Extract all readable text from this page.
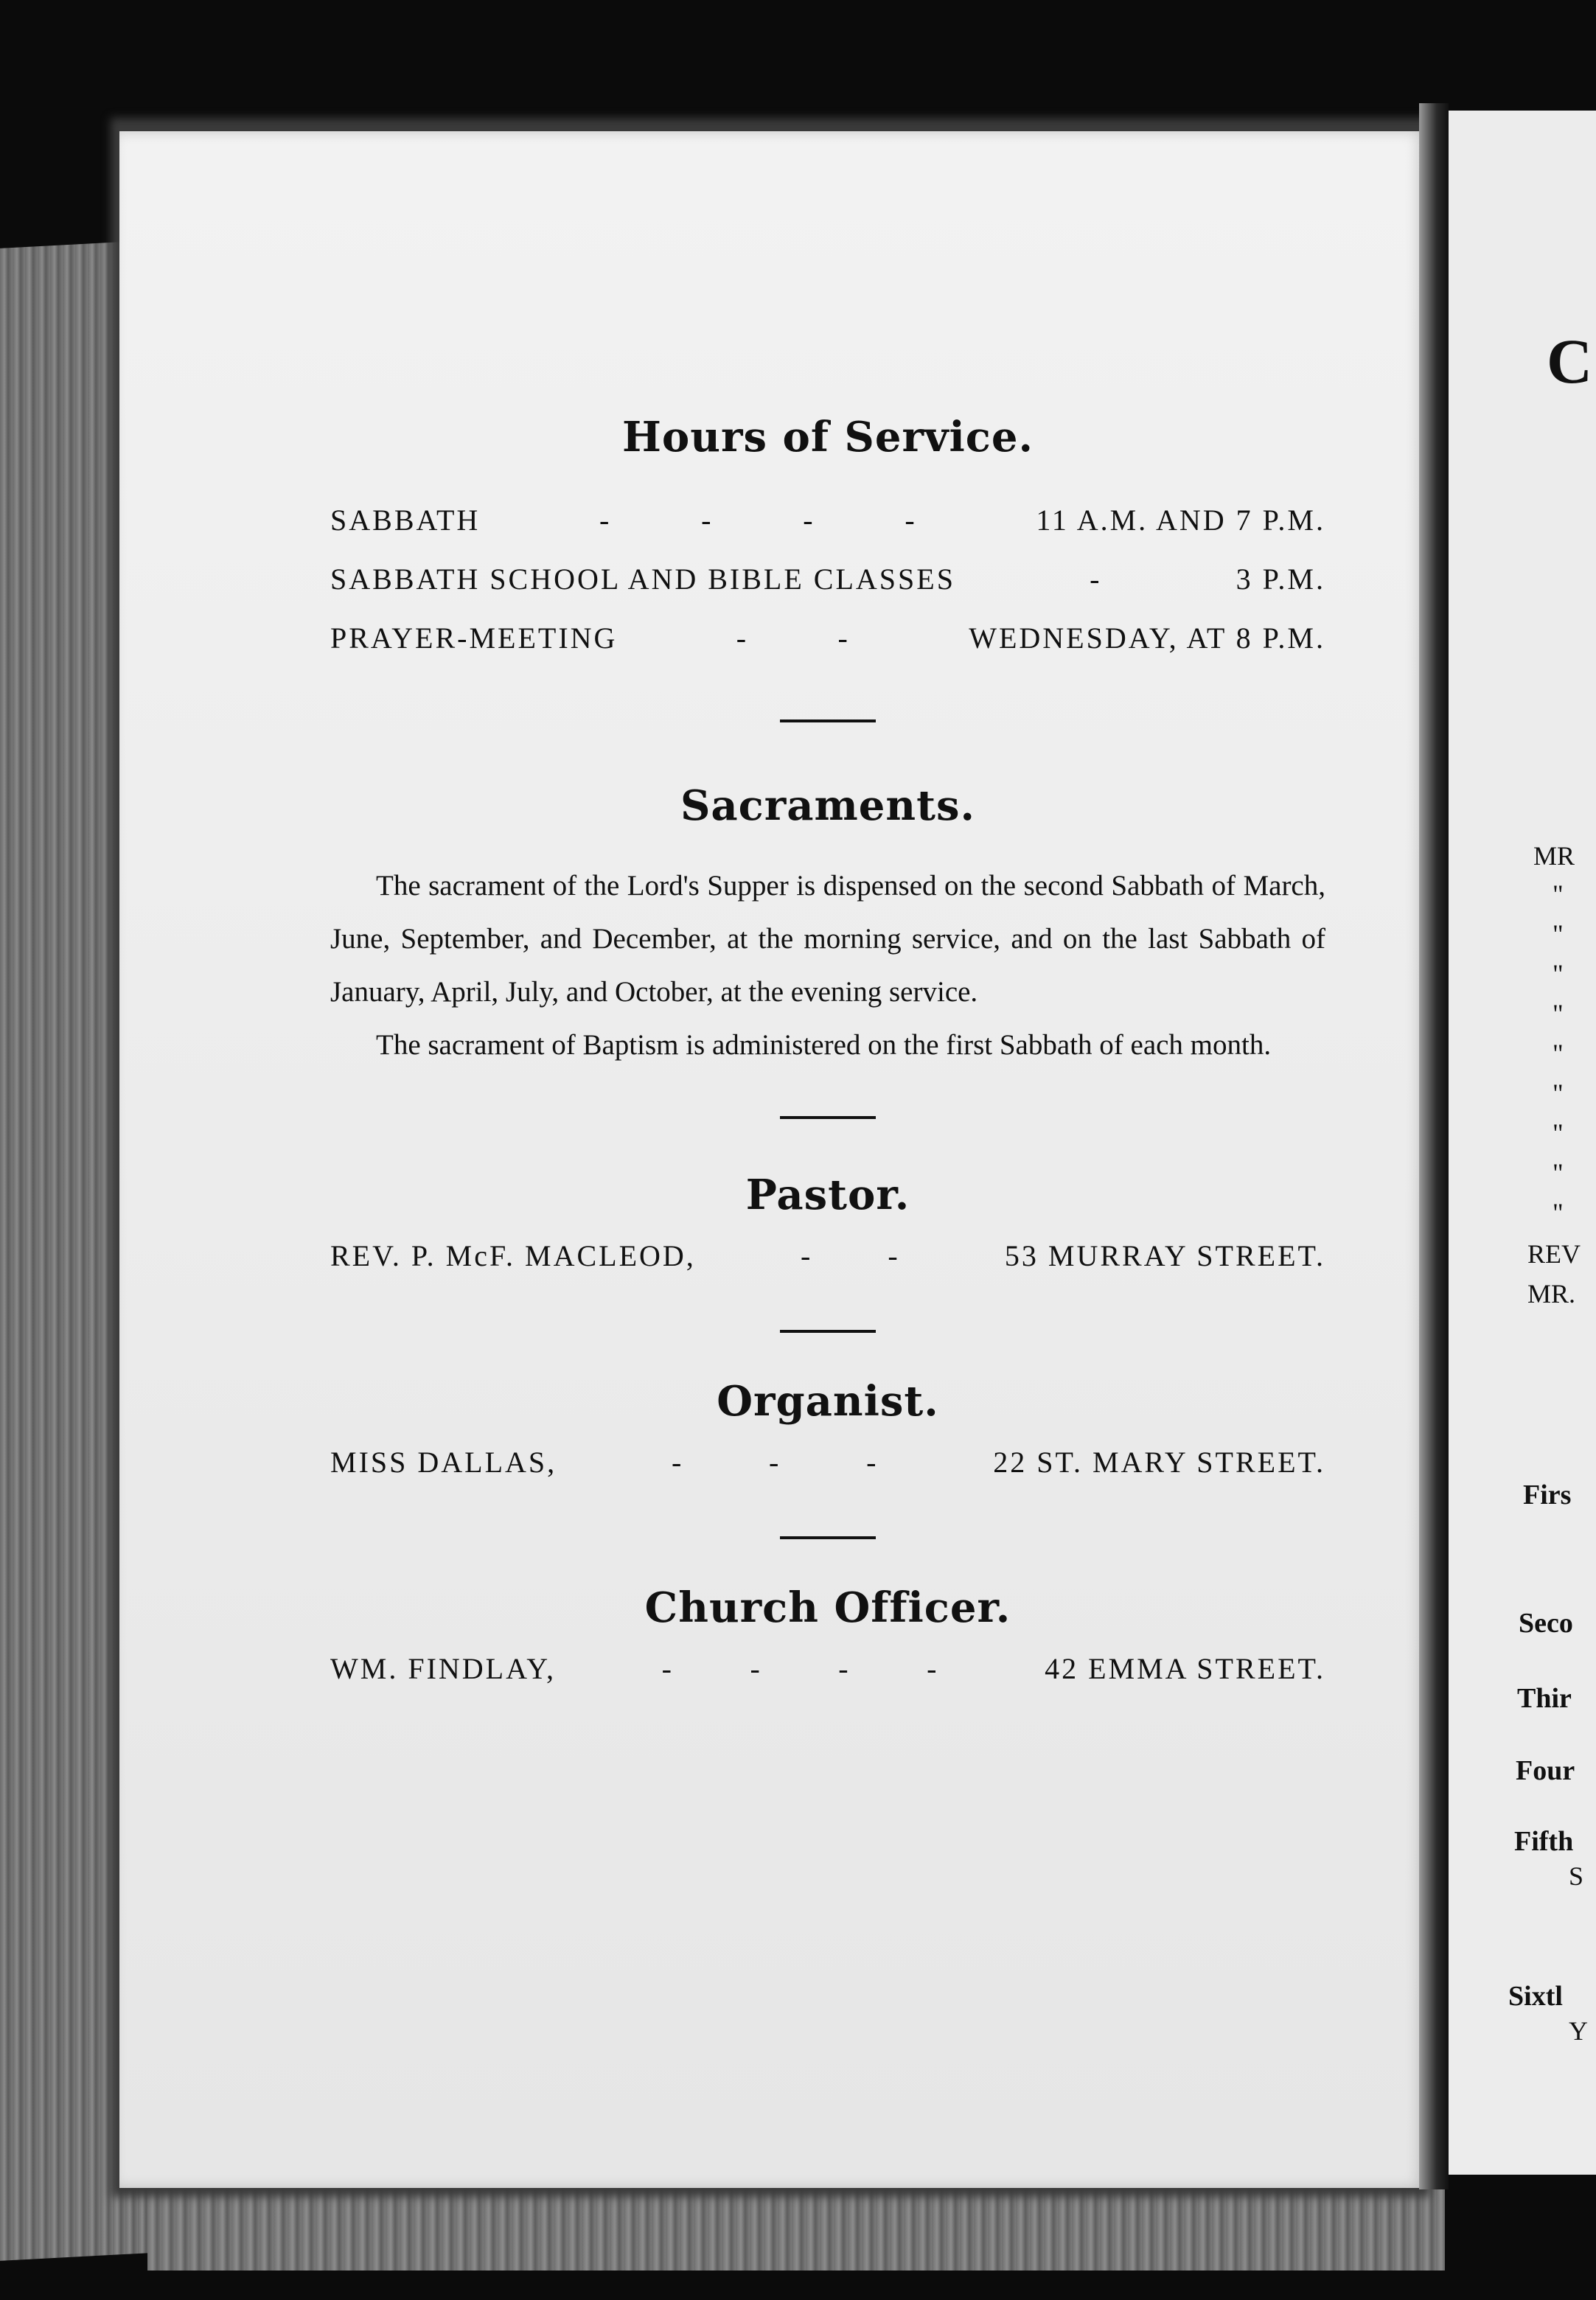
Hours of Service.
SABBATH	-	-	-	-	11 A.M. AND 7 P.M.
SABBATH SCHOOL AND BIBLE CLASSES	-	3 P.M.
PRAYER-MEETING	-	-	WEDNESDAY, AT 8 P.M.
Sacraments.

The sacrament of the Lord's Supper is dispensed on the second Sabbath of March, June, September, and December, at the morning service, and on the last Sabbath of January, April, July, and October, at the evening service.

The sacrament of Baptism is administered on the first Sabbath of each month.

Pastor.
REV. P. McF. MACLEOD,	-	-	53 MURRAY STREET.
Organist.
MISS DALLAS,	-	-	-	22 ST. MARY STREET.
Church Officer.
WM. FINDLAY,	-	-	-	-	42 EMMA STREET.
C
MR
"
"
"
"
"
"
"
"
"
REV
MR.
Firs
Seco
Thir
Four
Fifth
S
Sixtl
Y
